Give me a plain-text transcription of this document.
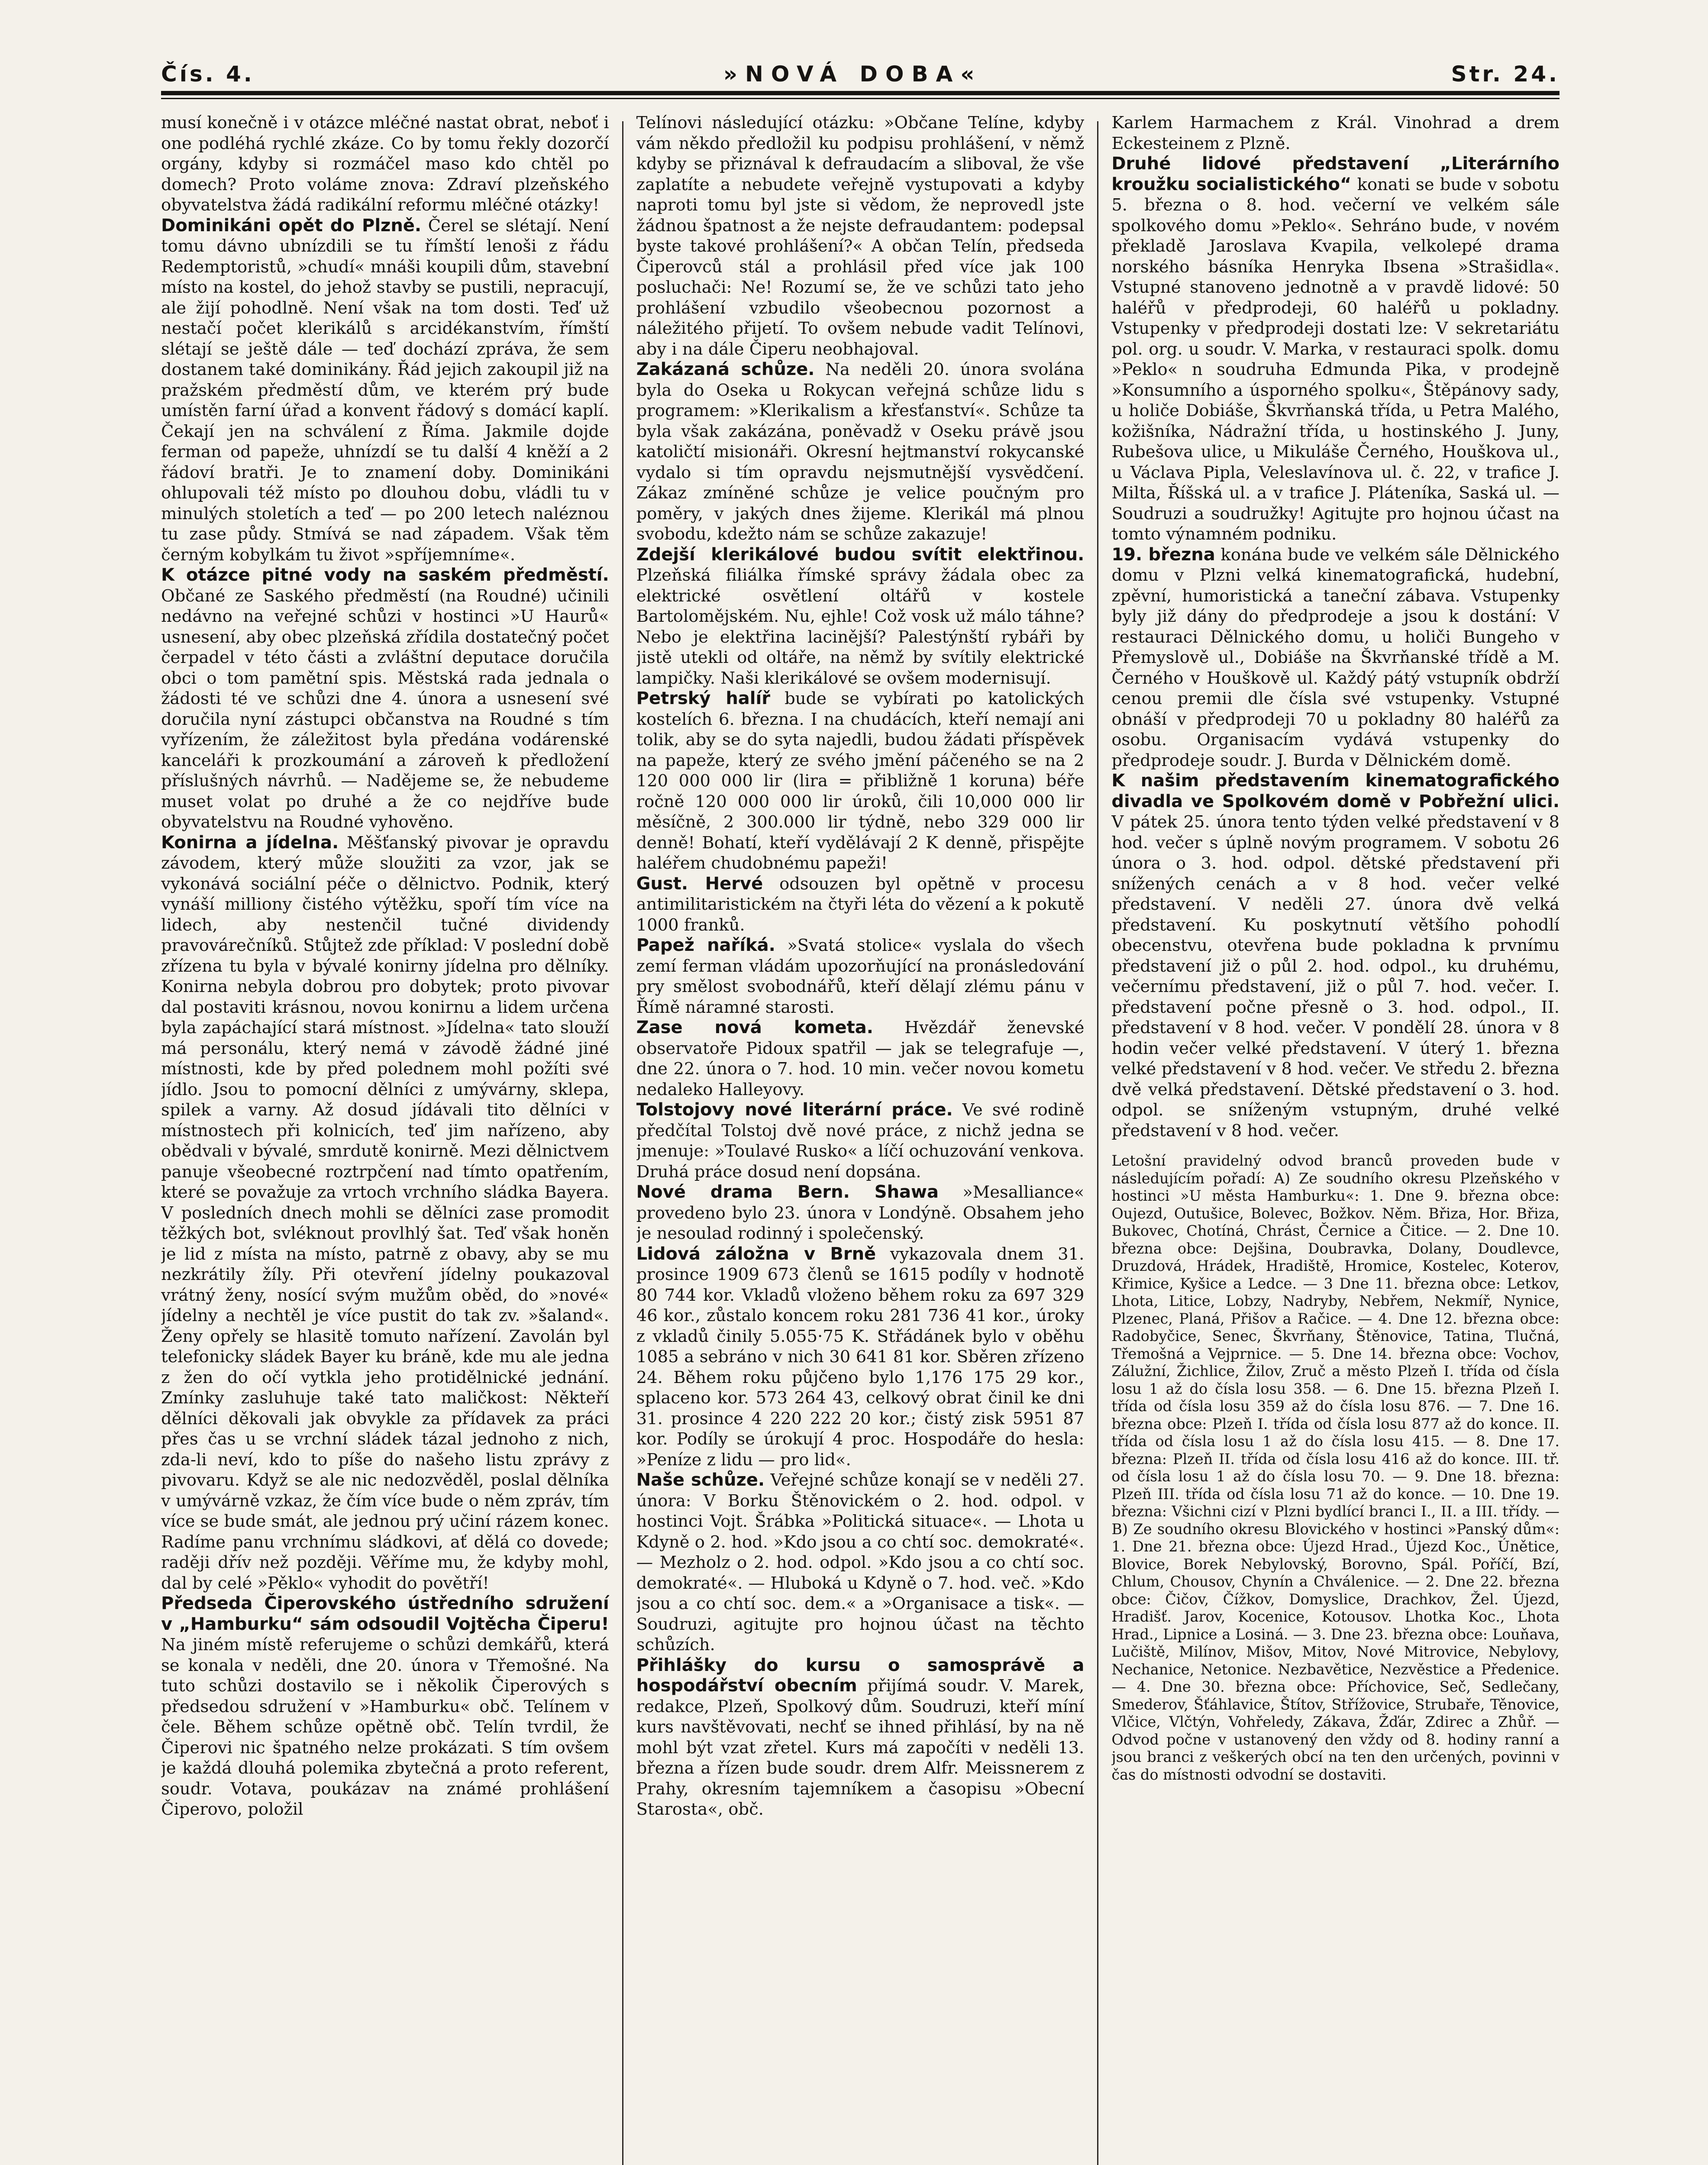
Čís. 4.	»NOVÁ DOBA«	Str. 24.

musí konečně i v otázce mléčné nastat obrat, neboť i one podléhá rychlé zkáze. Co by tomu řekly dozorčí orgány, kdyby si rozmáčel maso kdo chtěl po domech? Proto voláme znova: Zdraví plzeňského obyvatelstva žádá radikální reformu mléčné otázky!

Dominikáni opět do Plzně. Čerel se slétají. Není tomu dávno ubnízdili se tu římští lenoši z řádu Redemptoristů, »chudí« mnáši koupili dům, stavební místo na kostel, do jehož stavby se pustili, nepracují, ale žijí pohodlně. Není však na tom dosti. Teď už nestačí počet klerikálů s arcidékanstvím, římští slétají se ještě dále — teď dochází zpráva, že sem dostanem také dominikány. Řád jejich zakoupil již na pražském předměstí dům, ve kterém prý bude umístěn farní úřad a konvent řádový s domácí kaplí. Čekají jen na schválení z Říma. Jakmile dojde ferman od papeže, uhnízdí se tu další 4 kněží a 2 řádoví bratři. Je to znamení doby. Dominikáni ohlupovali též místo po dlouhou dobu, vládli tu v minulých stoletích a teď — po 200 letech naléznou tu zase půdy. Stmívá se nad západem. Však těm černým kobylkám tu život »spříjemníme«.

K otázce pitné vody na saském předměstí. Občané ze Saského předměstí (na Roudné) učinili nedávno na veřejné schůzi v hostinci »U Haurů« usnesení, aby obec plzeňská zřídila dostatečný počet čerpadel v této části a zvláštní deputace doručila obci o tom pamětní spis. Městská rada jednala o žádosti té ve schůzi dne 4. února a usnesení své doručila nyní zástupci občanstva na Roudné s tím vyřízením, že záležitost byla předána vodárenské kanceláři k prozkoumání a zároveň k předložení příslušných návrhů. — Nadějeme se, že nebudeme muset volat po druhé a že co nejdříve bude obyvatelstvu na Roudné vyhověno.

Konirna a jídelna. Měšťanský pivovar je opravdu závodem, který může sloužiti za vzor, jak se vykonává sociální péče o dělnictvo. Podnik, který vynáší milliony čistého výtěžku, spoří tím více na lidech, aby nestenčil tučné dividendy pravovárečníků. Stůjtež zde příklad: V poslední době zřízena tu byla v bývalé konirny jídelna pro dělníky. Konirna nebyla dobrou pro dobytek; proto pivovar dal postaviti krásnou, novou konirnu a lidem určena byla zapáchající stará místnost. »Jídelna« tato slouží má personálu, který nemá v závodě žádné jiné místnosti, kde by před polednem mohl požíti své jídlo. Jsou to pomocní dělníci z umývárny, sklepa, spilek a varny. Až dosud jídávali tito dělníci v místnostech při kolnicích, teď jim nařízeno, aby obědvali v bývalé, smrdutě konirně. Mezi dělnictvem panuje všeobecné roztrpčení nad tímto opatřením, které se považuje za vrtoch vrchního sládka Bayera. V posledních dnech mohli se dělníci zase promodit těžkých bot, svléknout provlhlý šat. Teď však honěn je lid z místa na místo, patrně z obavy, aby se mu nezkrátily žíly. Při otevření jídelny poukazoval vrátný ženy, nosící svým mužům oběd, do »nové« jídelny a nechtěl je více pustit do tak zv. »šaland«. Ženy opřely se hlasitě tomuto nařízení. Zavolán byl telefonicky sládek Bayer ku bráně, kde mu ale jedna z žen do očí vytkla jeho protidělnické jednání. Zmínky zasluhuje také tato maličkost: Někteří dělníci děkovali jak obvykle za přídavek za práci přes čas u se vrchní sládek tázal jednoho z nich, zda-li neví, kdo to píše do našeho listu zprávy z pivovaru. Když se ale nic nedozvěděl, poslal dělníka v umývárně vzkaz, že čím více bude o něm zpráv, tím více se bude smát, ale jednou prý učiní rázem konec. Radíme panu vrchnímu sládkovi, ať dělá co dovede; raději dřív než později. Věříme mu, že kdyby mohl, dal by celé »Pěklo« vyhodit do povětří!

Předseda Čiperovského ústředního sdružení v „Hamburku“ sám odsoudil Vojtěcha Čiperu! Na jiném místě referujeme o schůzi demkářů, která se konala v neděli, dne 20. února v Třemošné. Na tuto schůzi dostavilo se i několik Čiperových s předsedou sdružení v »Hamburku« obč. Telínem v čele. Během schůze opětně obč. Telín tvrdil, že Čiperovi nic špatného nelze prokázati. S tím ovšem je každá dlouhá polemika zbytečná a proto referent, soudr. Votava, poukázav na známé prohlášení Čiperovo, položil

Telínovi následující otázku: »Občane Telíne, kdyby vám někdo předložil ku podpisu prohlášení, v němž kdyby se přiznával k defraudacím a sliboval, že vše zaplatíte a nebudete veřejně vystupovati a kdyby naproti tomu byl jste si vědom, že neprovedl jste žádnou špatnost a že nejste defraudantem: podepsal byste takové prohlášení?« A občan Telín, předseda Čiperovců stál a prohlásil před více jak 100 posluchači: Ne! Rozumí se, že ve schůzi tato jeho prohlášení vzbudilo všeobecnou pozornost a náležitého přijetí. To ovšem nebude vadit Telínovi, aby i na dále Čiperu neobhajoval.

Zakázaná schůze. Na neděli 20. února svolána byla do Oseka u Rokycan veřejná schůze lidu s programem: »Klerikalism a křesťanství«. Schůze ta byla však zakázána, poněvadž v Oseku právě jsou katoličtí misionáři. Okresní hejtmanství rokycanské vydalo si tím opravdu nejsmutnější vysvědčení. Zákaz zmíněné schůze je velice poučným pro poměry, v jakých dnes žijeme. Klerikál má plnou svobodu, kdežto nám se schůze zakazuje!

Zdejší klerikálové budou svítit elektřinou. Plzeňská filiálka římské správy žádala obec za elektrické osvětlení oltářů v kostele Bartolomějském. Nu, ejhle! Což vosk už málo táhne? Nebo je elektřina lacinější? Palestýnští rybáři by jistě utekli od oltáře, na němž by svítily elektrické lampičky. Naši klerikálové se ovšem modernisují.

Petrský halíř bude se vybírati po katolických kostelích 6. března. I na chudácích, kteří nemají ani tolik, aby se do syta najedli, budou žádati příspěvek na papeže, který ze svého jmění páčeného se na 2 120 000 000 lir (lira = přibližně 1 koruna) béře ročně 120 000 000 lir úroků, čili 10,000 000 lir měsíčně, 2 300.000 lir týdně, nebo 329 000 lir denně! Bohatí, kteří vydělávají 2 K denně, přispějte haléřem chudobnému papeži!

Gust. Hervé odsouzen byl opětně v procesu antimilitaristickém na čtyři léta do vězení a k pokutě 1000 franků.

Papež naříká. »Svatá stolice« vyslala do všech zemí ferman vládám upozorňující na pronásledování pry smělost svobodnářů, kteří dělají zlému pánu v Římě náramné starosti.

Zase nová kometa. Hvězdář ženevské observatoře Pidoux spatřil — jak se telegrafuje —, dne 22. února o 7. hod. 10 min. večer novou kometu nedaleko Halleyovy.

Tolstojovy nové literární práce. Ve své rodině předčítal Tolstoj dvě nové práce, z nichž jedna se jmenuje: »Toulavé Rusko« a líčí ochuzování venkova. Druhá práce dosud není dopsána.

Nové drama Bern. Shawa »Mesalliance« provedeno bylo 23. února v Londýně. Obsahem jeho je nesoulad rodinný i společenský.

Lidová záložna v Brně vykazovala dnem 31. prosince 1909 673 členů se 1615 podíly v hodnotě 80 744 kor. Vkladů vloženo během roku za 697 329 46 kor., zůstalo koncem roku 281 736 41 kor., úroky z vkladů činily 5.055·75 K. Střádánek bylo v oběhu 1085 a sebráno v nich 30 641 81 kor. Sběren zřízeno 24. Během roku půjčeno bylo 1,176 175 29 kor., splaceno kor. 573 264 43, celkový obrat činil ke dni 31. prosince 4 220 222 20 kor.; čistý zisk 5951 87 kor. Podíly se úrokují 4 proc. Hospodáře do hesla: »Peníze z lidu — pro lid«.

Naše schůze. Veřejné schůze konají se v neděli 27. února: V Borku Štěnovickém o 2. hod. odpol. v hostinci Vojt. Šrábka »Politická situace«. — Lhota u Kdyně o 2. hod. »Kdo jsou a co chtí soc. demokraté«. — Mezholz o 2. hod. odpol. »Kdo jsou a co chtí soc. demokraté«. — Hluboká u Kdyně o 7. hod. več. »Kdo jsou a co chtí soc. dem.« a »Organisace a tisk«. — Soudruzi, agitujte pro hojnou účast na těchto schůzích.

Přihlášky do kursu o samosprávě a hospodářství obecním přijímá soudr. V. Marek, redakce, Plzeň, Spolkový dům. Soudruzi, kteří míní kurs navštěvovati, nechť se ihned přihlásí, by na ně mohl být vzat zřetel. Kurs má započíti v neděli 13. března a řízen bude soudr. drem Alfr. Meissnerem z Prahy, okresním tajemníkem a časopisu »Obecní Starosta«, obč.

Karlem Harmachem z Král. Vinohrad a drem Eckesteinem z Plzně.

Druhé lidové představení „Literárního kroužku socialistického“ konati se bude v sobotu 5. března o 8. hod. večerní ve velkém sále spolkového domu »Peklo«. Sehráno bude, v novém překladě Jaroslava Kvapila, velkolepé drama norského básníka Henryka Ibsena »Strašidla«. Vstupné stanoveno jednotně a v pravdě lidové: 50 haléřů v předprodeji, 60 haléřů u pokladny. Vstupenky v předprodeji dostati lze: V sekretariátu pol. org. u soudr. V. Marka, v restauraci spolk. domu »Peklo« n soudruha Edmunda Pika, v prodejně »Konsumního a úsporného spolku«, Štěpánovy sady, u holiče Dobiáše, Škvrňanská třída, u Petra Malého, kožišníka, Nádražní třída, u hostinského J. Juny, Rubešova ulice, u Mikuláše Černého, Houškova ul., u Václava Pipla, Veleslavínova ul. č. 22, v trafice J. Milta, Říšská ul. a v trafice J. Pláteníka, Saská ul. — Soudruzi a soudružky! Agitujte pro hojnou účast na tomto výnamném podniku.

19. března konána bude ve velkém sále Dělnického domu v Plzni velká kinematografická, hudební, zpěvní, humoristická a taneční zábava. Vstupenky byly již dány do předprodeje a jsou k dostání: V restauraci Dělnického domu, u holiči Bungeho v Přemyslově ul., Dobiáše na Škvrňanské třídě a M. Černého v Houškově ul. Každý pátý vstupník obdrží cenou premii dle čísla své vstupenky. Vstupné obnáší v předprodeji 70 u pokladny 80 haléřů za osobu. Organisacím vydává vstupenky do předprodeje soudr. J. Burda v Dělnickém domě.

K našim představením kinematografického divadla ve Spolkovém domě v Pobřežní ulici. V pátek 25. února tento týden velké představení v 8 hod. večer s úplně novým programem. V sobotu 26 února o 3. hod. odpol. dětské představení při snížených cenách a v 8 hod. večer velké představení. V neděli 27. února dvě velká představení. Ku poskytnutí většího pohodlí obecenstvu, otevřena bude pokladna k prvnímu představení již o půl 2. hod. odpol., ku druhému, večernímu představení, již o půl 7. hod. večer. I. představení počne přesně o 3. hod. odpol., II. představení v 8 hod. večer. V pondělí 28. února v 8 hodin večer velké představení. V úterý 1. března velké představení v 8 hod. večer. Ve středu 2. března dvě velká představení. Dětské představení o 3. hod. odpol. se sníženým vstupným, druhé velké představení v 8 hod. večer.

Letošní pravidelný odvod branců proveden bude v následujícím pořadí: A) Ze soudního okresu Plzeňského v hostinci »U města Hamburku«: 1. Dne 9. března obce: Oujezd, Outušice, Bolevec, Božkov. Něm. Břiza, Hor. Břiza, Bukovec, Chotíná, Chrást, Černice a Čitice. — 2. Dne 10. března obce: Dejšina, Doubravka, Dolany, Doudlevce, Druzdová, Hrádek, Hradiště, Hromice, Kostelec, Koterov, Křimice, Kyšice a Ledce. — 3 Dne 11. března obce: Letkov, Lhota, Litice, Lobzy, Nadryby, Nebřem, Nekmíř, Nynice, Plzenec, Planá, Přišov a Račice. — 4. Dne 12. března obce: Radobyčice, Senec, Škvrňany, Štěnovice, Tatina, Tlučná, Třemošná a Vejprnice. — 5. Dne 14. března obce: Vochov, Zálužní, Žichlice, Žilov, Zruč a město Plzeň I. třída od čísla losu 1 až do čísla losu 358. — 6. Dne 15. března Plzeň I. třída od čísla losu 359 až do čísla losu 876. — 7. Dne 16. března obce: Plzeň I. třída od čísla losu 877 až do konce. II. třída od čísla losu 1 až do čísla losu 415. — 8. Dne 17. března: Plzeň II. třída od čísla losu 416 až do konce. III. tř. od čísla losu 1 až do čísla losu 70. — 9. Dne 18. března: Plzeň III. třída od čísla losu 71 až do konce. — 10. Dne 19. března: Všichni cizí v Plzni bydlící branci I., II. a III. třídy. — B) Ze soudního okresu Blovického v hostinci »Panský dům«: 1. Dne 21. března obce: Újezd Hrad., Újezd Koc., Únětice, Blovice, Borek Nebylovský, Borovno, Spál. Poříčí, Bzí, Chlum, Chousov, Chynín a Chválenice. — 2. Dne 22. března obce: Čičov, Čížkov, Domyslice, Drachkov, Žel. Újezd, Hradišť. Jarov, Kocenice, Kotousov. Lhotka Koc., Lhota Hrad., Lipnice a Losiná. — 3. Dne 23. března obce: Louňava, Lučiště, Milínov, Mišov, Mitov, Nové Mitrovice, Nebylovy, Nechanice, Netonice. Nezbavětice, Nezvěstice a Předenice. — 4. Dne 30. března obce: Příchovice, Seč, Sedlečany, Smederov, Šťáhlavice, Štítov, Střížovice, Strubaře, Těnovice, Vlčice, Vlčtýn, Vohřeledy, Zákava, Žďár, Zdirec a Zhůř. — Odvod počne v ustanovený den vždy od 8. hodiny ranní a jsou branci z veškerých obcí na ten den určených, povinni v čas do místnosti odvodní se dostaviti.
